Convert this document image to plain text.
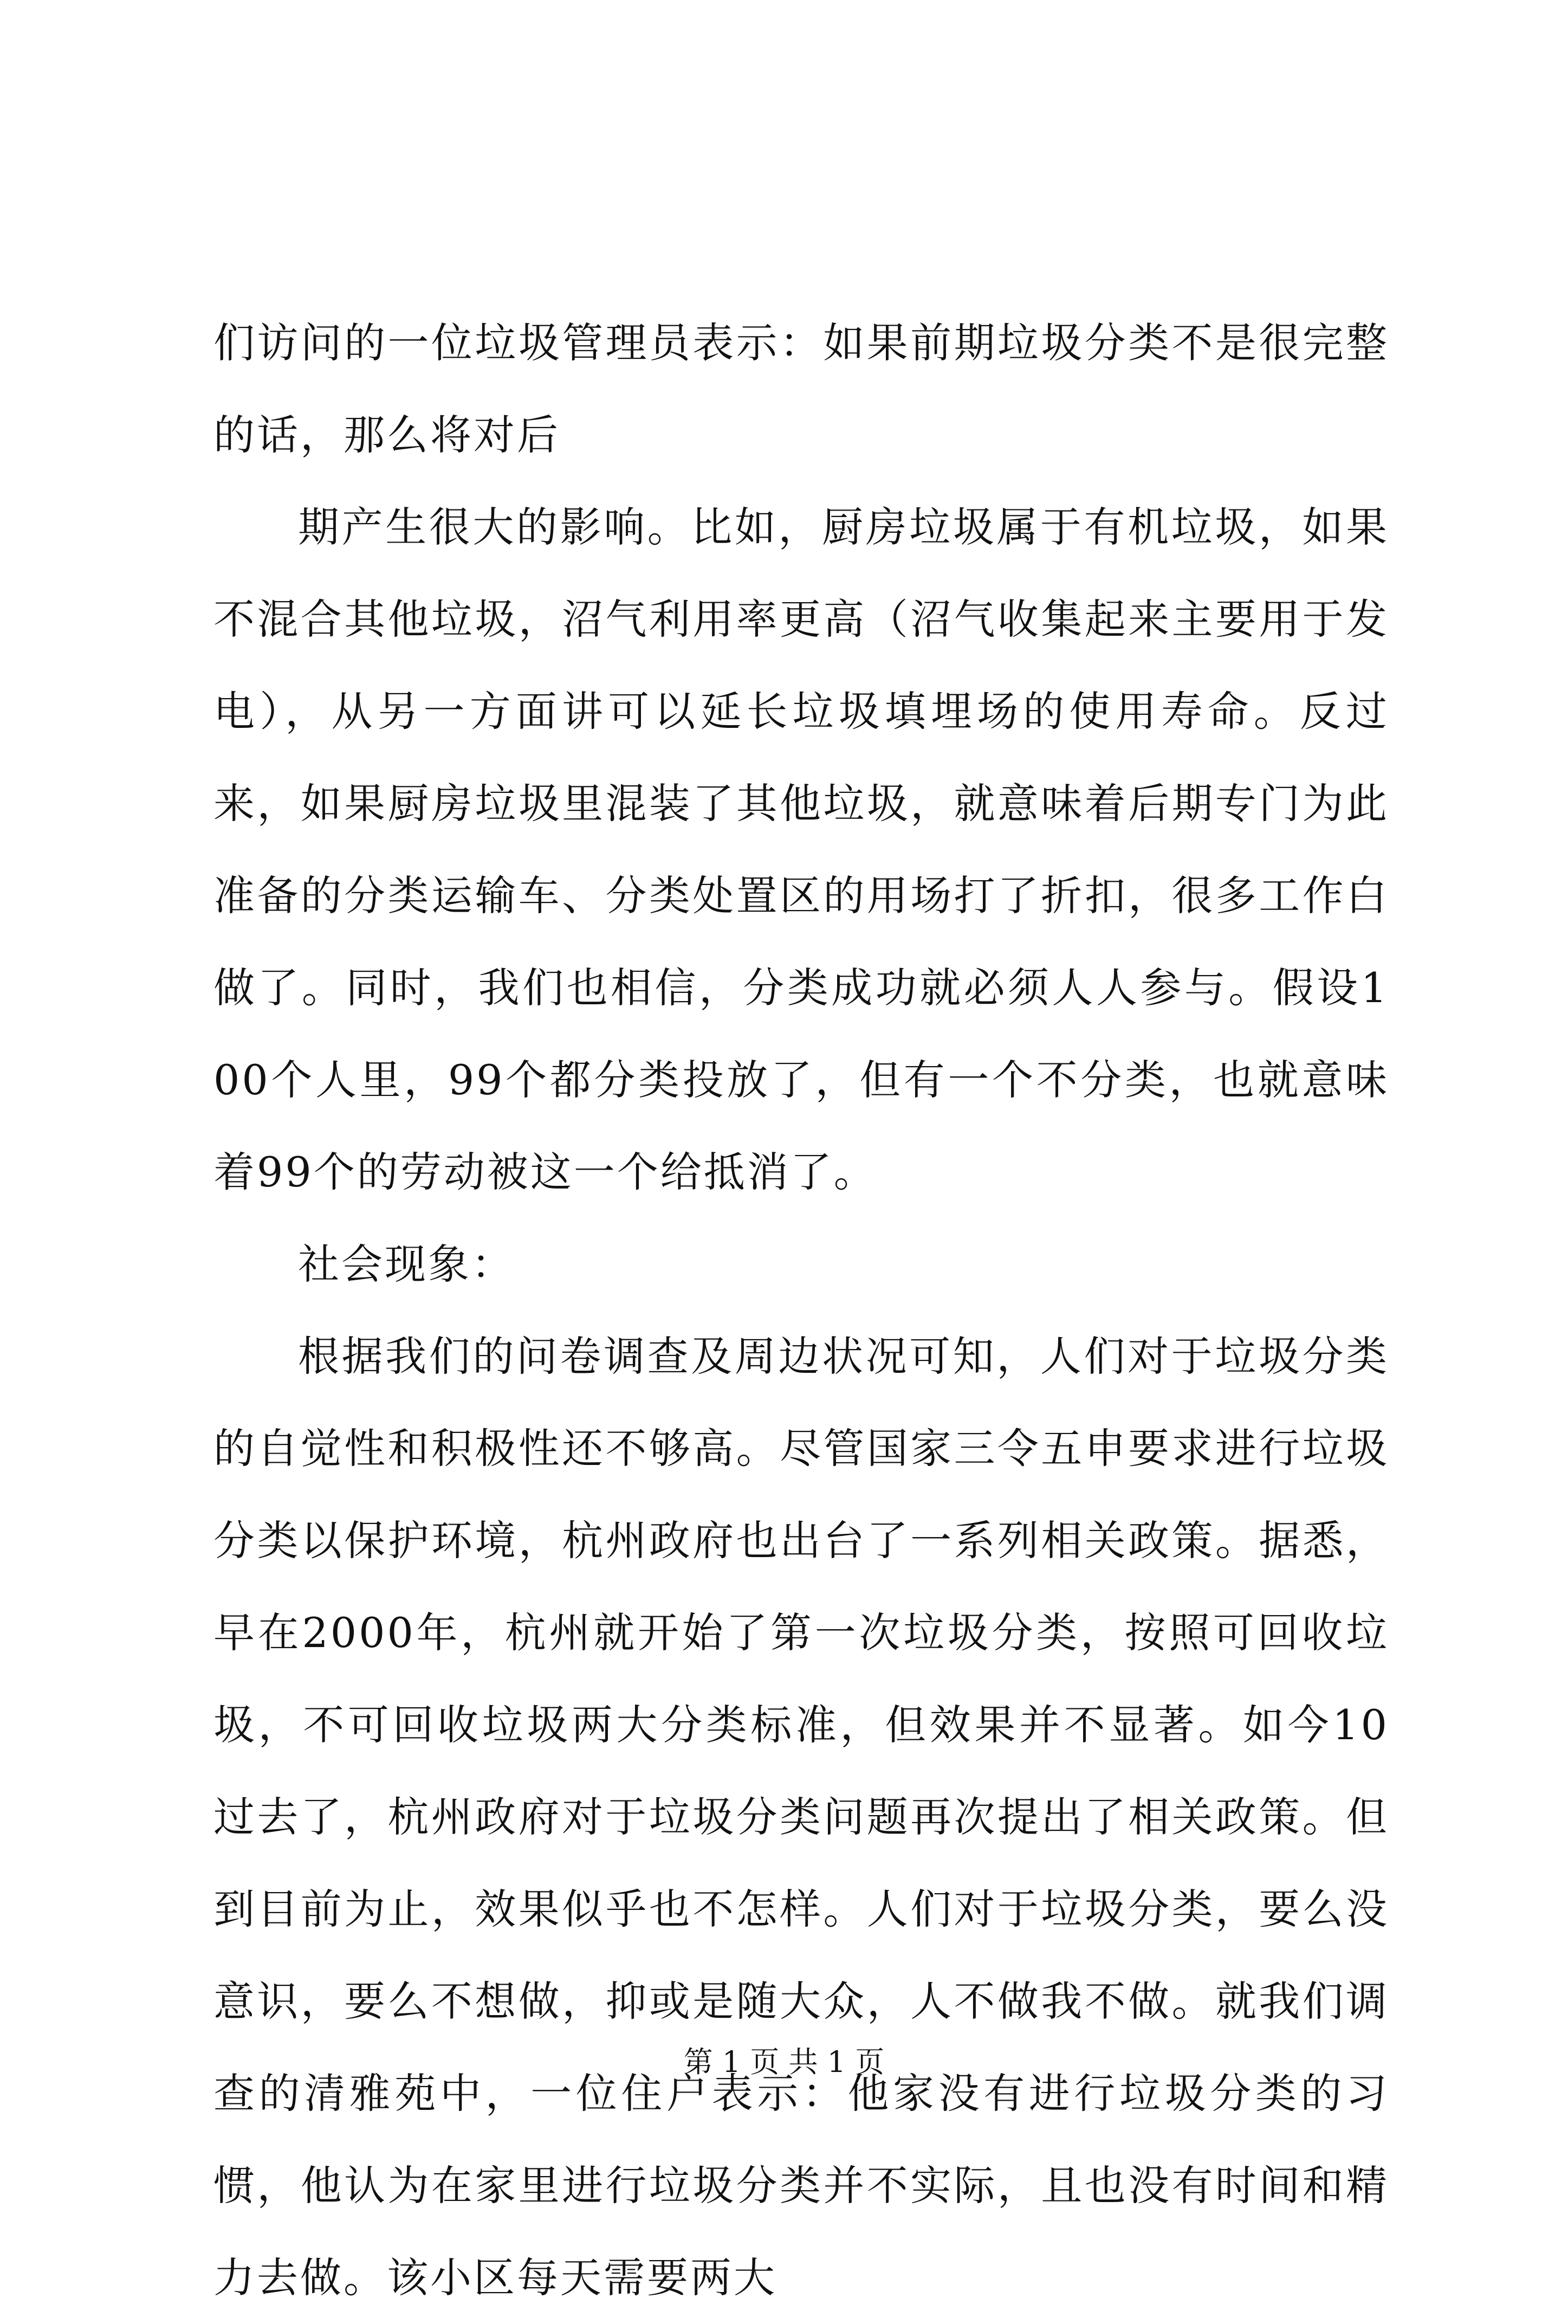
们访问的一位垃圾管理员表示：如果前期垃圾分类不是很完整的话，那么将对后

期产生很大的影响。比如，厨房垃圾属于有机垃圾，如果不混合其他垃圾，沼气利用率更高（沼气收集起来主要用于发电），从另一方面讲可以延长垃圾填埋场的使用寿命。反过来，如果厨房垃圾里混装了其他垃圾，就意味着后期专门为此准备的分类运输车、分类处置区的用场打了折扣，很多工作白做了。同时，我们也相信，分类成功就必须人人参与。假设100个人里，99个都分类投放了，但有一个不分类，也就意味着99个的劳动被这一个给抵消了。

社会现象：

根据我们的问卷调查及周边状况可知，人们对于垃圾分类的自觉性和积极性还不够高。尽管国家三令五申要求进行垃圾分类以保护环境，杭州政府也出台了一系列相关政策。据悉，早在2000年，杭州就开始了第一次垃圾分类，按照可回收垃圾，不可回收垃圾两大分类标准，但效果并不显著。如今10过去了，杭州政府对于垃圾分类问题再次提出了相关政策。但到目前为止，效果似乎也不怎样。人们对于垃圾分类，要么没意识，要么不想做，抑或是随大众，人不做我不做。就我们调查的清雅苑中，一位住户表示：他家没有进行垃圾分类的习惯，他认为在家里进行垃圾分类并不实际，且也没有时间和精力去做。该小区每天需要两大

第 1 页 共 1 页
